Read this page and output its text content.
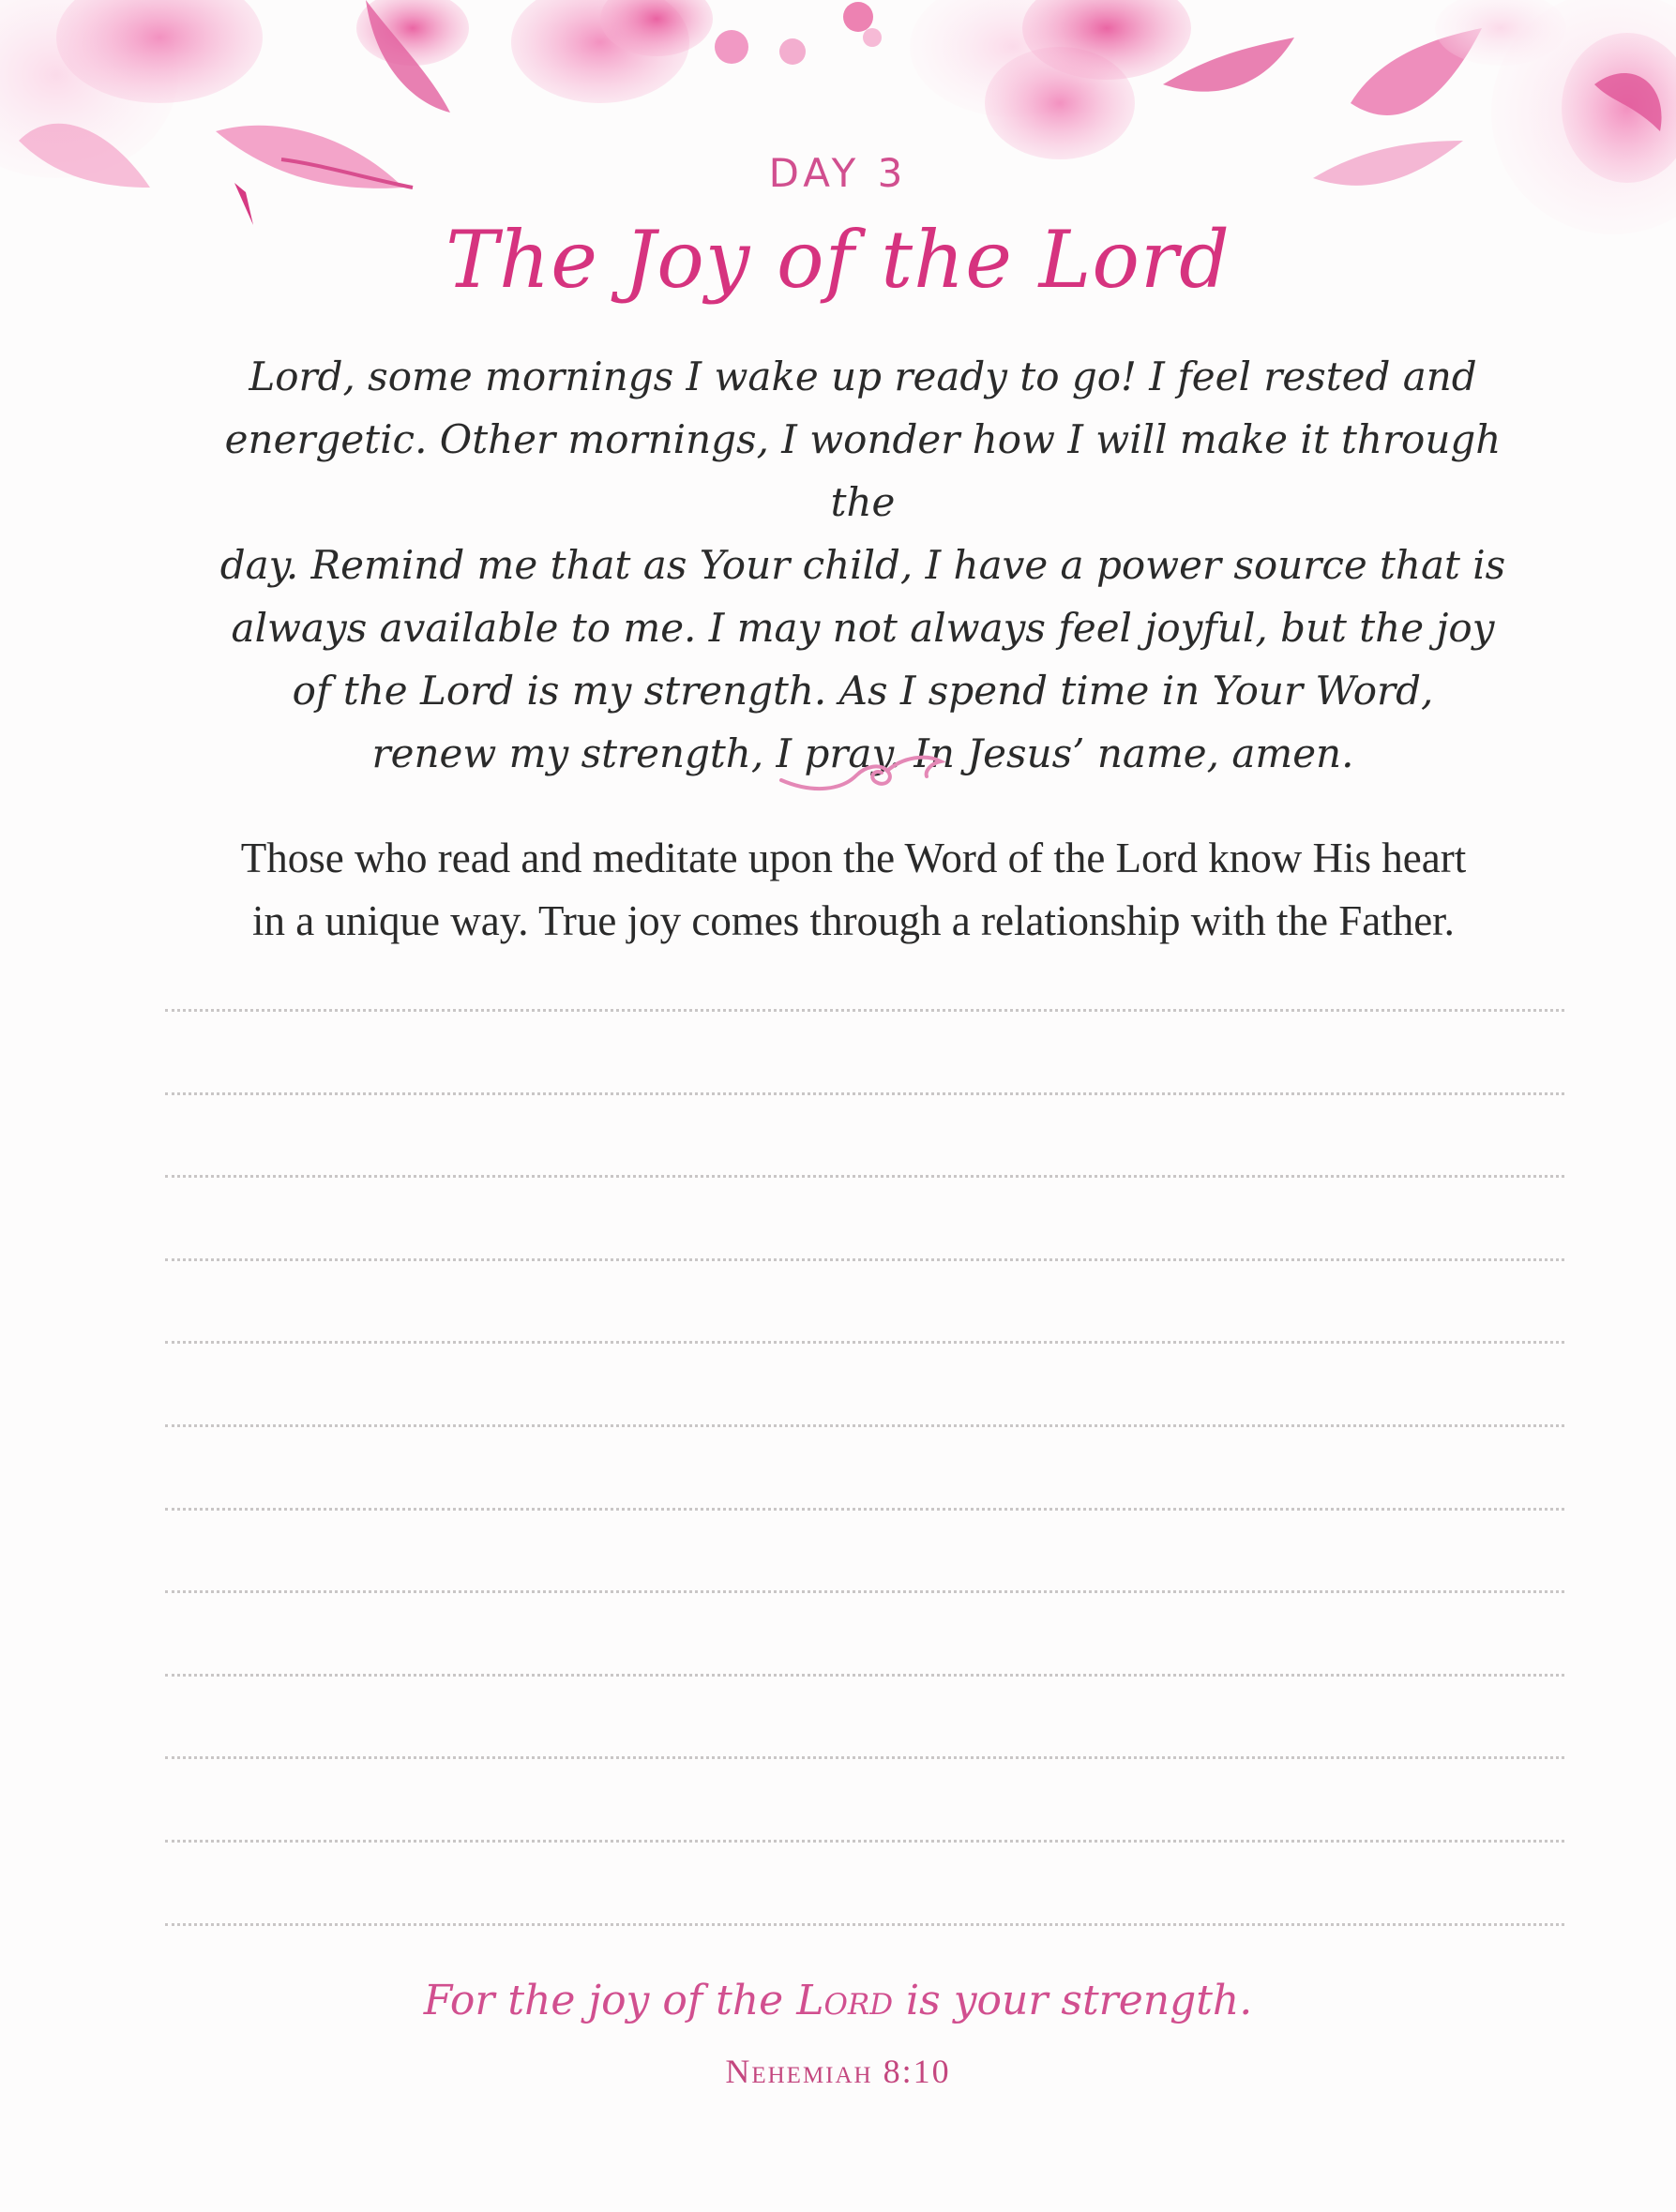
DAY 3
The Joy of the Lord
Lord, some mornings I wake up ready to go! I feel rested and
energetic. Other mornings, I wonder how I will make it through the
day. Remind me that as Your child, I have a power source that is
always available to me. I may not always feel joyful, but the joy
of the Lord is my strength. As I spend time in Your Word,
renew my strength, I pray. In Jesus’ name, amen.
Those who read and meditate upon the Word of the Lord know His heart
in a unique way. True joy comes through a relationship with the Father.
For the joy of the Lord is your strength.
Nehemiah 8:10
